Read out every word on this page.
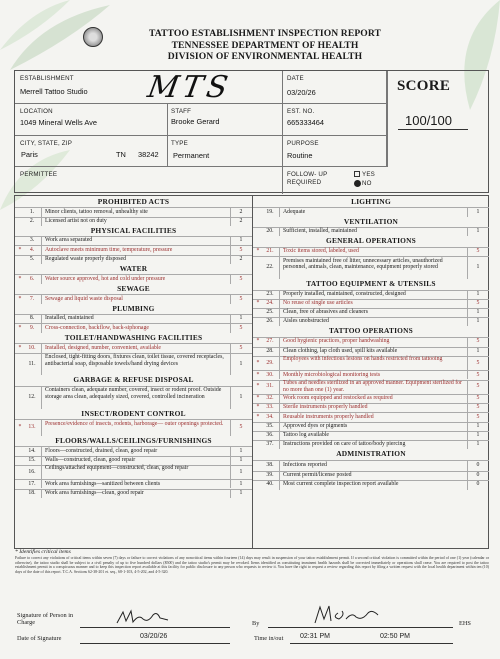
TATTOO ESTABLISHMENT INSPECTION REPORT
TENNESSEE DEPARTMENT OF HEALTH
DIVISION OF ENVIRONMENTAL HEALTH
ESTABLISHMENT
Merrell Tattoo Studio
DATE
03/20/26
LOCATION
1049 Mineral Wells Ave
STAFF
Brooke Gerard
EST. NO.
665333464
CITY, STATE, ZIP
Paris	TN 38242
TYPE
Permanent
PURPOSE
Routine
PERMITTEE	FOLLOW- UP REQUIRED
YES
NO
MTS	SCORE
100/100
PROHIBITED ACTS
1.	Minor clients, tattoo removal, unhealthy site	2
2.	Licensed artist not on duty	2
PHYSICAL FACILITIES
3.	Work area separated	1
*	4.	Autoclave meets minimum time, temperature, pressure	5
5.	Regulated waste properly disposed	2
WATER
*	6.	Water source approved, hot and cold under pressure	5
SEWAGE
*	7.	Sewage and liquid waste disposal	5
PLUMBING
8.	Installed, maintained	1
*	9.	Cross-connection, backflow, back-siphonage	5
TOILET/HANDWASHING FACILITIES
*	10.	Installed, designed, number, convenient, available	5
11.
Enclosed, tight-fitting doors, fixtures clean, toilet tissue, covered receptacles, antibacterial soap, disposable towels/hand drying devices	1
GARBAGE & REFUSE DISPOSAL
12.
Containers clean, adequate number, covered, insect or rodent proof. Outside storage area clean, adequately sized, covered, controlled incineration	1
INSECT/RODENT CONTROL
*	13.
Presence/evidence of insects, rodents, harborage— outer openings protected.
5
FLOORS/WALLS/CEILINGS/FURNISHINGS
14.	Floors—constructed, drained, clean, good repair	1
15.	Walls—constructed, clean, good repair	1
16.
Ceilings/attached equipment—constructed, clean, good repair
1
17.	Work area furnishings—sanitized between clients	1
18.	Work area furnishings—clean, good repair	1
LIGHTING
19.	Adequate	1
VENTILATION
20.	Sufficient, installed, maintained	1
GENERAL OPERATIONS
*	21.	Toxic items stored, labeled, used	5
22.
Premises maintained free of litter, unnecessary articles, unauthorized personnel, animals, clean, maintenance, equipment properly stored	1
TATTOO EQUIPMENT & UTENSILS
23.	Properly installed, maintained, constructed, designed	1
*	24.	No reuse of single use articles	5
25.	Clean, free of abrasives and cleaners	1
26.	Aisles unobstructed	1
TATTOO OPERATIONS
*	27.	Good hygienic practices, proper handwashing	5
28.	Clean clothing, lap cloth used, spill kits available	1
*	29.
Employees with infectious lesions on hands restricted from tattooing
5
*	30.	Monthly microbiological monitoring tests	5
*	31.
Tubes and needles sterilized in an approved manner. Equipment sterilized for no more than one (1) year.
5
*	32.	Work room equipped and restocked as required	5
*	33.	Sterile instruments properly handled	5
*	34.	Reusable instruments properly handled	5
35.	Approved dyes or pigments	1
36.	Tattoo log available	1
37.	Instructions provided on care of tattoo/body piercing	1
ADMINISTRATION
38.	Infections reported	0
39.	Current permit/license posted	0
40.	Most current complete inspection report available	0
* Identifies critical items
Failure to correct any violations of critical items within seven (7) days or failure to correct violations of any noncritical items within fourteen (14) days may result in suspension of your tattoo establishment permit. If a second critical violation is committed within the period of one (1) year (calendar or otherwise), the tattoo studio shall be subject to a civil penalty of up to five hundred dollars ($500) and the tattoo studio's permit may be revoked. Items identified as constituting imminent health hazards shall be corrected immediately or operations shall cease. You are required to post the tattoo establishment permit in a conspicuous manner and to keep this inspection report available at this facility for public disclosure to any person who requests to review it. You have the right to request a review regarding this report by filing a written request with the local health department within ten (10) days of the date of this report. T.C.A. Sections 62-38-201 et. seq., 68-1-103, 4-5-202, and 4-5-320.
Signature of Person in Charge	By	EHS
Date of Signature	03/20/26	Time in/out 02:31 PM	02:50 PM
